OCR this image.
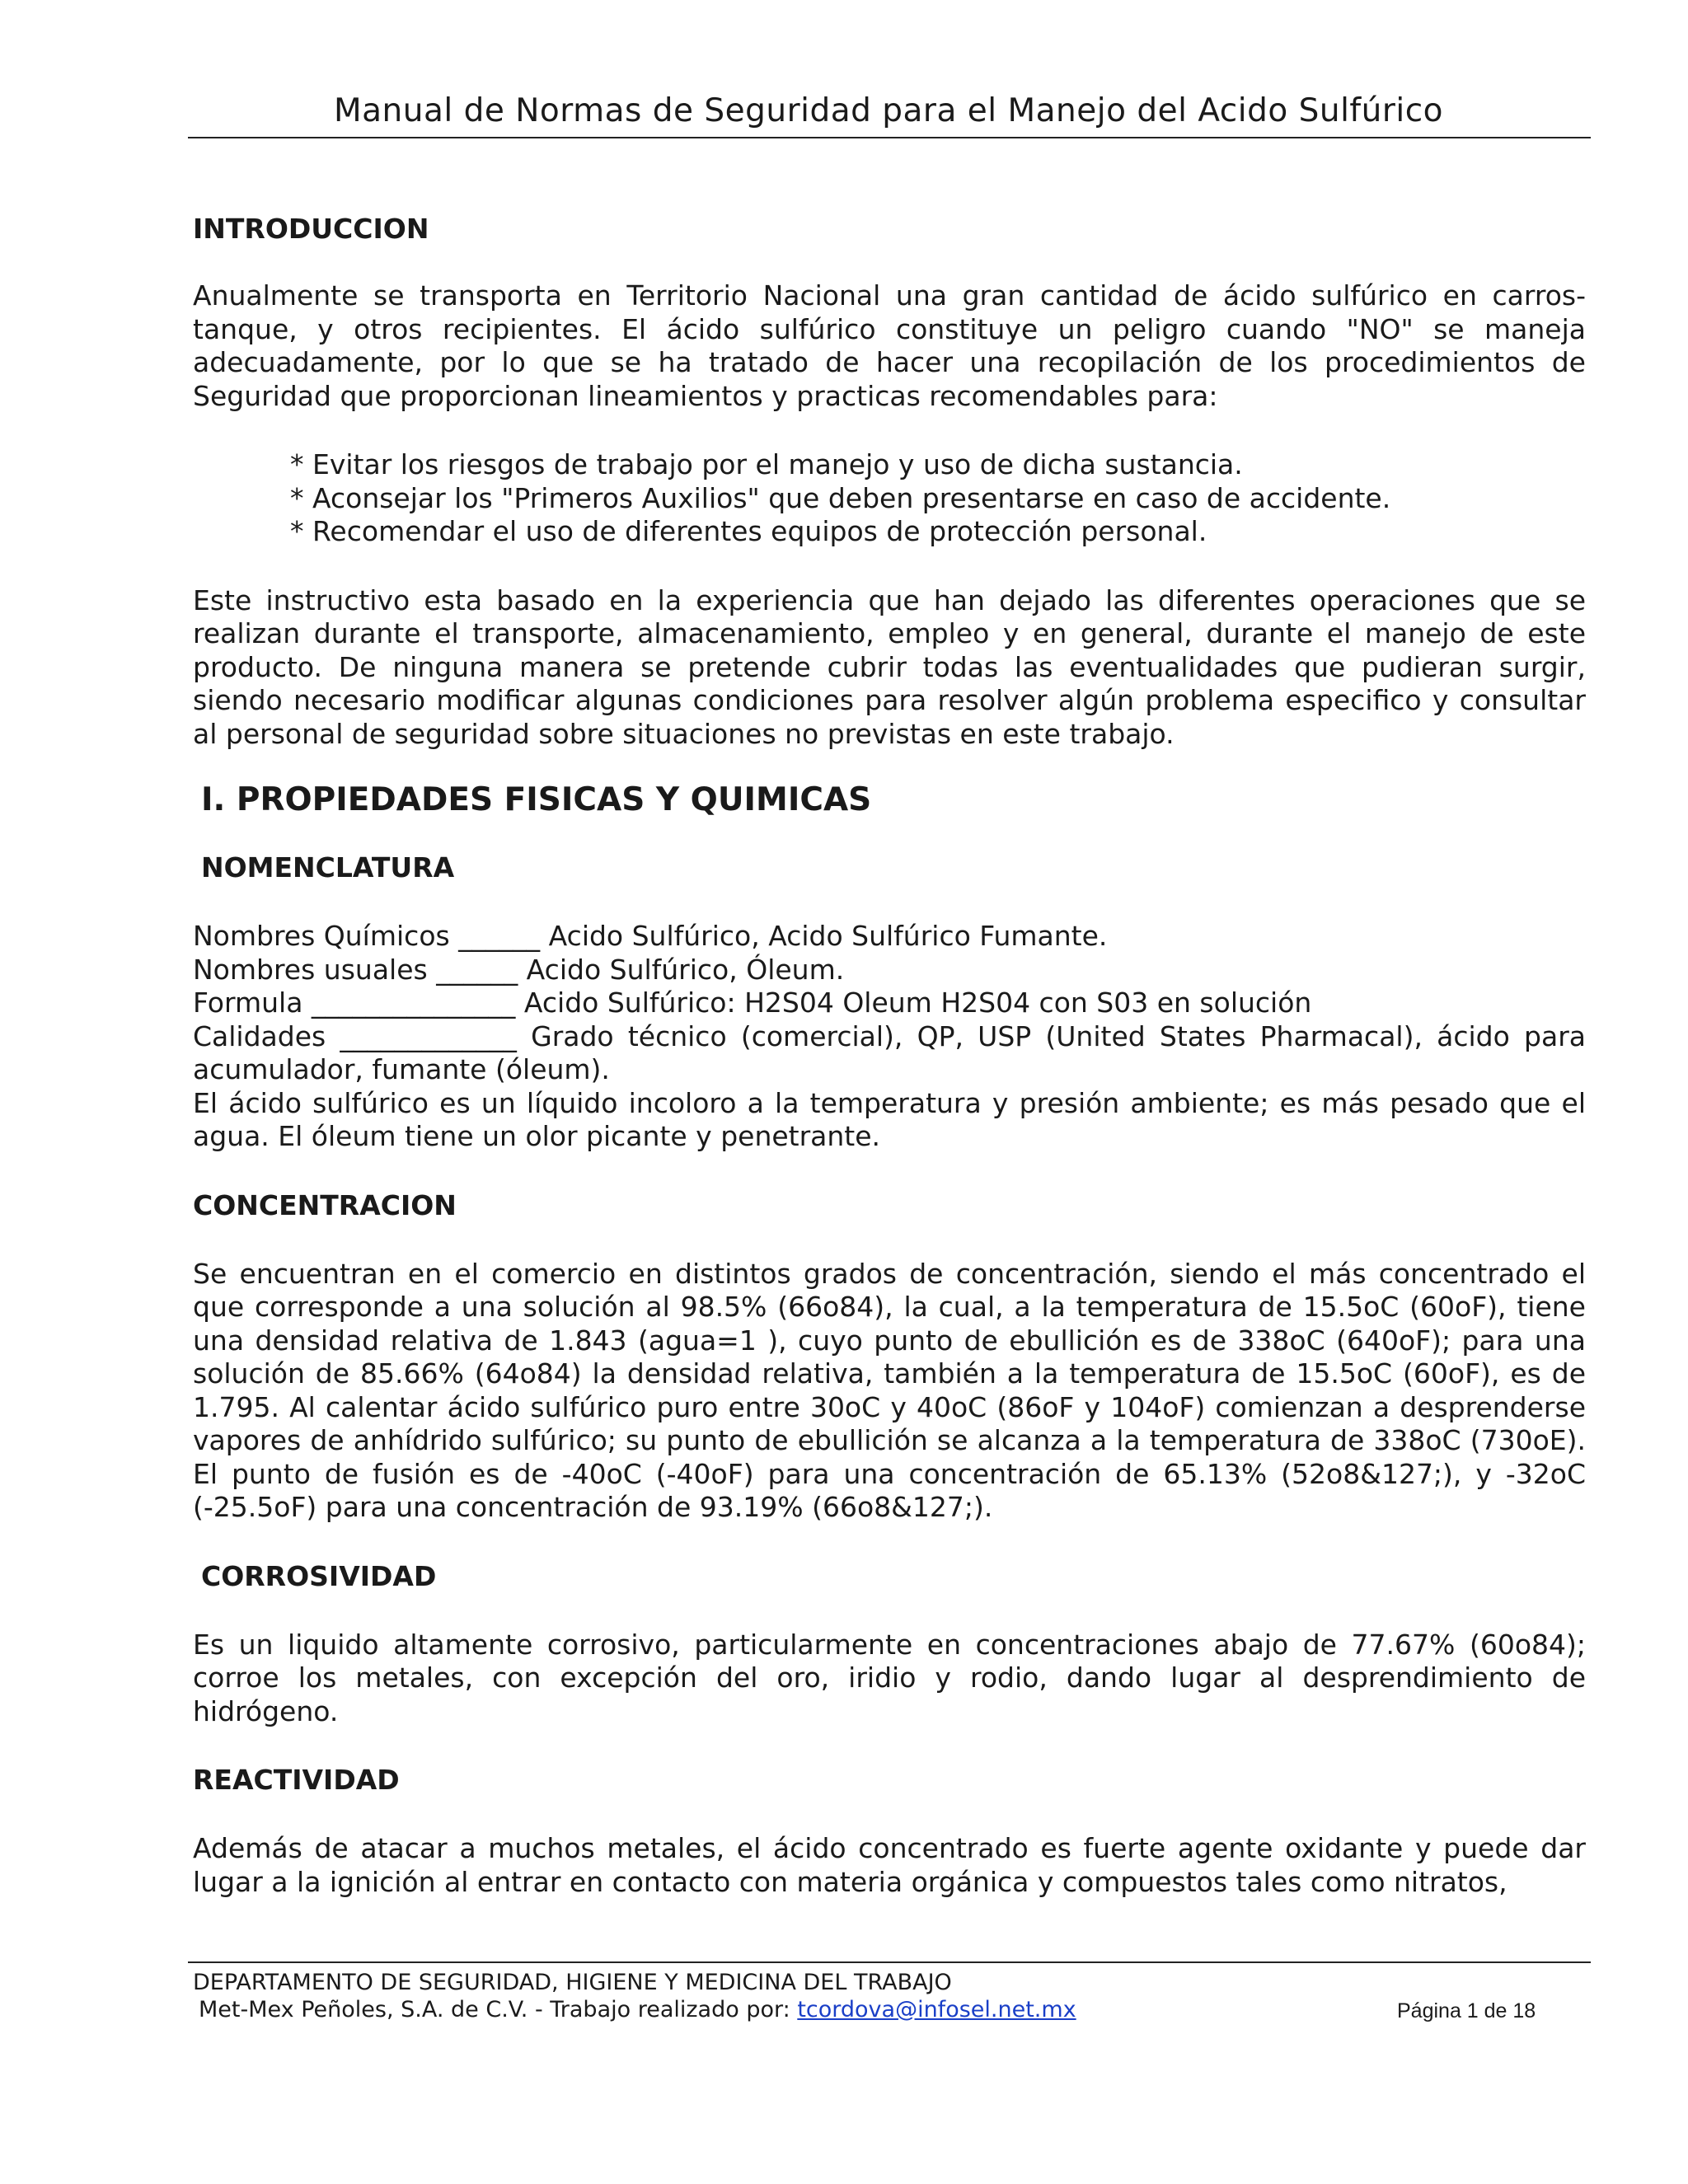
Manual de Normas de Seguridad para el Manejo del Acido Sulfúrico
INTRODUCCION

Anualmente se transporta en Territorio Nacional una gran cantidad de ácido sulfúrico en carros-tanque, y otros recipientes. El ácido sulfúrico constituye un peligro cuando "NO" se maneja adecuadamente, por lo que se ha tratado de hacer una recopilación de los procedimientos de Seguridad que proporcionan lineamientos y practicas recomendables para:

* Evitar los riesgos de trabajo por el manejo y uso de dicha sustancia.
* Aconsejar los "Primeros Auxilios" que deben presentarse en caso de accidente.
* Recomendar el uso de diferentes equipos de protección personal.

Este instructivo esta basado en la experiencia que han dejado las diferentes operaciones que se realizan durante el transporte, almacenamiento, empleo y en general, durante el manejo de este producto. De ninguna manera se pretende cubrir todas las eventualidades que pudieran surgir, siendo necesario modificar algunas condiciones para resolver algún problema especifico y consultar al personal de seguridad sobre situaciones no previstas en este trabajo.

I. PROPIEDADES FISICAS Y QUIMICAS
NOMENCLATURA

Nombres Químicos ______ Acido Sulfúrico, Acido Sulfúrico Fumante.

Nombres usuales ______ Acido Sulfúrico, Óleum.

Formula _______________ Acido Sulfúrico: H2S04 Oleum H2S04 con S03 en solución

Calidades _____________ Grado técnico (comercial), QP, USP (United States Pharmacal), ácido para acumulador, fumante (óleum).

El ácido sulfúrico es un líquido incoloro a la temperatura y presión ambiente; es más pesado que el agua. El óleum tiene un olor picante y penetrante.

CONCENTRACION

Se encuentran en el comercio en distintos grados de concentración, siendo el más concentrado el que corresponde a una solución al 98.5% (66o84), la cual, a la temperatura de 15.5oC (60oF), tiene una densidad relativa de 1.843 (agua=1 ), cuyo punto de ebullición es de 338oC (640oF); para una solución de 85.66% (64o84) la densidad relativa, también a la temperatura de 15.5oC (60oF), es de 1.795. Al calentar ácido sulfúrico puro entre 30oC y 40oC (86oF y 104oF) comienzan a desprenderse vapores de anhídrido sulfúrico; su punto de ebullición se alcanza a la temperatura de 338oC (730oE). El punto de fusión es de -40oC (-40oF) para una concentración de 65.13% (52o8&127;), y -32oC (-25.5oF) para una concentración de 93.19% (66o8&127;).

CORROSIVIDAD

Es un liquido altamente corrosivo, particularmente en concentraciones abajo de 77.67% (60o84); corroe los metales, con excepción del oro, iridio y rodio, dando lugar al desprendimiento de hidrógeno.

REACTIVIDAD

Además de atacar a muchos metales, el ácido concentrado es fuerte agente oxidante y puede dar lugar a la ignición al entrar en contacto con materia orgánica y compuestos tales como nitratos,

DEPARTAMENTO DE SEGURIDAD, HIGIENE Y MEDICINA DEL TRABAJO
Met-Mex Peñoles, S.A. de C.V. - Trabajo realizado por: tcordova@infosel.net.mx	Página 1 de 18
